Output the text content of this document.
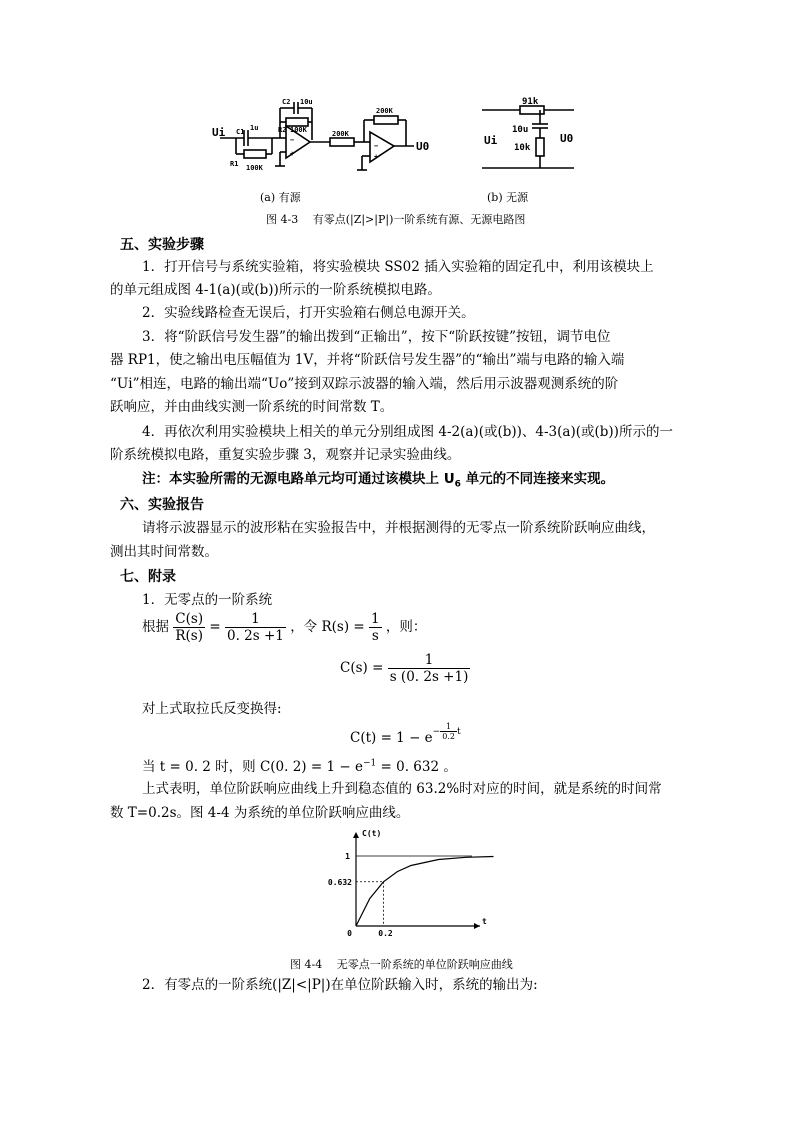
−
+
−
+
Ui
U0
C1 1u
R1 100K
C2 10u
R2 100K	200K
200K
91k
10u
10k
Ui	U0
(a) 有源	(b) 无源
图 4-3　 有零点(|Z|>|P|)一阶系统有源、无源电路图
五、实验步骤
1．打开信号与系统实验箱，将实验模块 SS02 插入实验箱的固定孔中，利用该模块上
的单元组成图 4-1(a)(或(b))所示的一阶系统模拟电路。
2．实验线路检查无误后，打开实验箱右侧总电源开关。
3．将“阶跃信号发生器”的输出拨到“正输出”，按下“阶跃按键”按钮，调节电位
器 RP1，使之输出电压幅值为 1V，并将“阶跃信号发生器”的“输出”端与电路的输入端
“Ui”相连，电路的输出端“Uo”接到双踪示波器的输入端，然后用示波器观测系统的阶
跃响应，并由曲线实测一阶系统的时间常数 T。
4．再依次利用实验模块上相关的单元分别组成图 4-2(a)(或(b))、4-3(a)(或(b))所示的一
阶系统模拟电路，重复实验步骤 3，观察并记录实验曲线。
注：本实验所需的无源电路单元均可通过该模块上 $U_6$ 单元的不同连接来实现。
六、实验报告
请将示波器显示的波形粘在实验报告中，并根据测得的无零点一阶系统阶跃响应曲线，
测出其时间常数。
七、附录
1．无零点的一阶系统
根据 $\frac{C(s)}{R(s)} = \frac{1}{0. 2s +1}$ ，令 $R(s) = \frac{1}{s}$ ，则：
$C(s) = \frac{1}{s (0. 2s +1)}$
对上式取拉氏反变换得:
$C(t) = 1 - e- \frac{1}{0.2}$ t
当 t = 0. 2 时，则 C(0. $2) = 1 - e^{-1} = 0$. 632 。
上式表明，单位阶跃响应曲线上升到稳态值的 63.2%时对应的时间，就是系统的时间常
数 T=0.2s。图 4-4 为系统的单位阶跃响应曲线。
C(t)
t
1
0.632
0	0.2
图 4-4　 无零点一阶系统的单位阶跃响应曲线
2．有零点的一阶系统(|Z|<|P|)在单位阶跃输入时，系统的输出为:
